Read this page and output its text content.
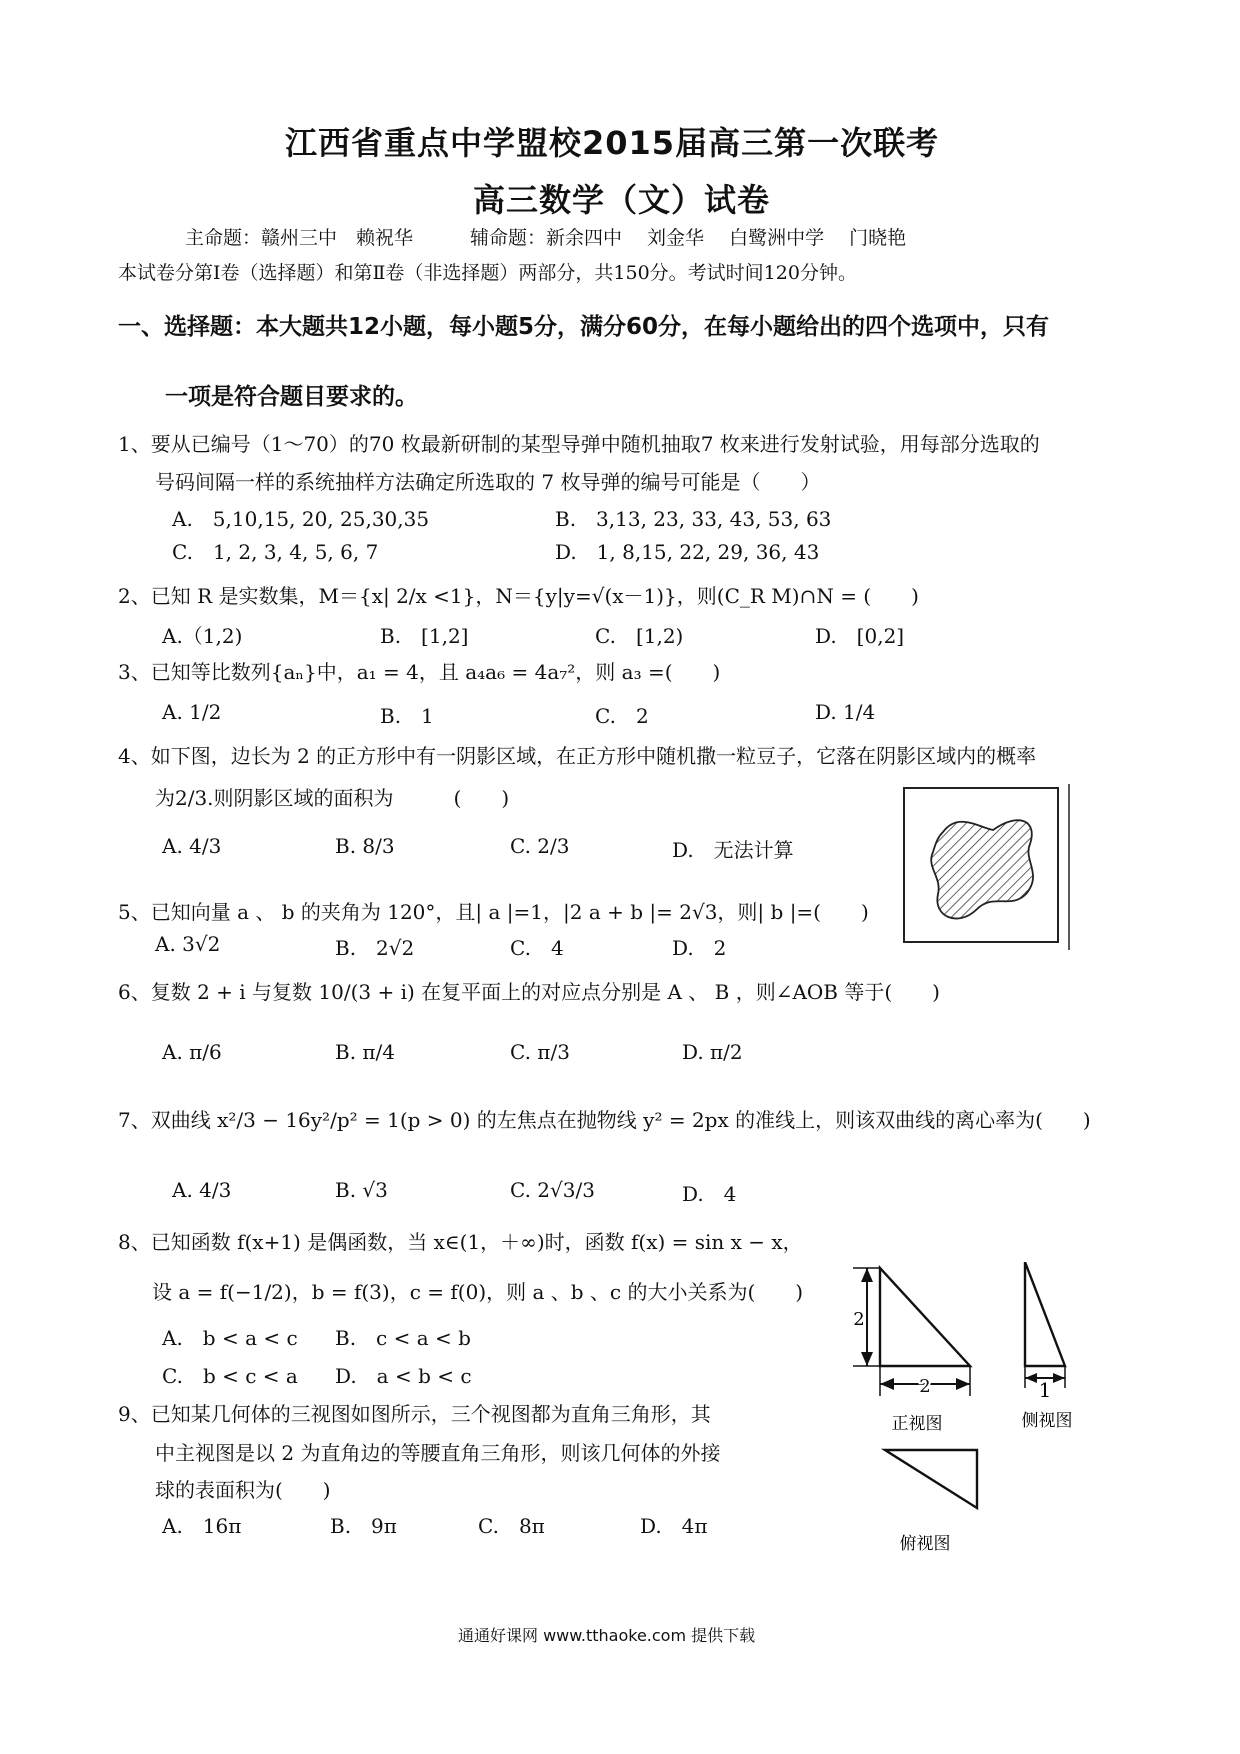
江西省重点中学盟校2015届高三第一次联考
高三数学（文）试卷
主命题：赣州三中　赖祝华　　　辅命题：新余四中　 刘金华　 白鹭洲中学　 门晓艳
本试卷分第Ⅰ卷（选择题）和第Ⅱ卷（非选择题）两部分，共150分。考试时间120分钟。
一、选择题：本大题共12小题，每小题5分，满分60分，在每小题给出的四个选项中，只有
一项是符合题目要求的。
1、要从已编号（1～70）的70 枚最新研制的某型导弹中随机抽取7 枚来进行发射试验，用每部分选取的
号码间隔一样的系统抽样方法确定所选取的 7 枚导弹的编号可能是（　　）
A.　5,10,15, 20, 25,30,35	B.　3,13, 23, 33, 43, 53, 63
C.　1, 2, 3, 4, 5, 6, 7	D.　1, 8,15, 22, 29, 36, 43
2、已知 R 是实数集，M＝{x| 2/x <1}，N＝{y|y=√(x－1)}，则(C_R M)∩N = (　　)
A.（1,2)	B.　[1,2]	C.　[1,2)	D.　[0,2]
3、已知等比数列{aₙ}中，a₁ = 4，且 a₄a₆ = 4a₇²，则 a₃ =(　　)
A. 1/2	B.　1	C.　2	D. 1/4
4、如下图，边长为 2 的正方形中有一阴影区域，在正方形中随机撒一粒豆子，它落在阴影区域内的概率
为2/3.则阴影区域的面积为　　　(　　)
A. 4/3	B. 8/3	C. 2/3	D.　无法计算
5、已知向量 a 、 b 的夹角为 120°，且| a |=1，|2 a + b |= 2√3，则| b |=(　　)
A. 3√2	B.　2√2	C.　4	D.　2
6、复数 2 + i 与复数 10/(3 + i) 在复平面上的对应点分别是 A 、 B ，则∠AOB 等于(　　)
A. π/6	B. π/4	C. π/3	D. π/2
7、双曲线 x²/3 − 16y²/p² = 1(p > 0) 的左焦点在抛物线 y² = 2px 的准线上，则该双曲线的离心率为(　　)
A. 4/3	B. √3	C. 2√3/3	D.　4
8、已知函数 f(x+1) 是偶函数，当 x∈(1，＋∞)时，函数 f(x) = sin x − x，
设 a = f(−1/2)，b = f(3)，c = f(0)，则 a 、b 、c 的大小关系为(　　)
A.　b < a < c B.　c < a < b
C.　b < c < a D.　a < b < c
9、已知某几何体的三视图如图所示，三个视图都为直角三角形，其
中主视图是以 2 为直角边的等腰直角三角形，则该几何体的外接
球的表面积为(　　)
A.　16π	B.　9π	C.　8π	D.　4π
2
2
正视图
1
侧视图
俯视图
通通好课网 www.tthaoke.com 提供下载
